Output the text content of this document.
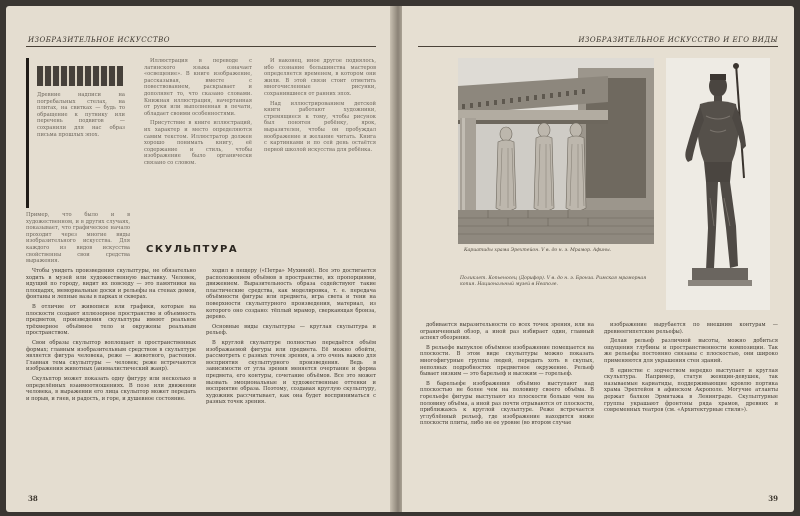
ИЗОБРАЗИТЕЛЬНОЕ ИСКУССТВО
Древние надписи на погребальных стелах, на плитах, на свитках — будь то обращение к путнику или перечень подвигов — сохранили для нас образ письма прошлых эпох.
Пример, что было и в художественном, и в других случаях, показывает, что графическое начало проходит через многие виды изобразительного искусства. Для каждого из видов искусства свойственны свои средства выражения.

Иллюстрация в переводе с латинского языка означает «освещение». В книге изображение, рассказывая, вместе с повествованием, раскрывает и дополняет то, что сказано словами. Книжная иллюстрация, начертанная от руки или выполненная в печати, обладает своими особенностями.

Присутствие в книге иллюстраций, их характер и место определяются самим текстом. Иллюстратор должен хорошо понимать книгу, её содержание и стиль, чтобы изображение было органически связано со словом.

И наконец, иное другое поднялось, ибо сознание большинства мастеров определяется временем, в котором они жили. В этой связи стоит отметить многочисленные рисунки, сохранившиеся от ранних эпох.

Над иллюстрированием детской книги работают художники, стремящиеся к тому, чтобы рисунок был понятен ребёнку, ярок, выразителен, чтобы он пробуждал воображение и желание читать. Книга с картинками и по сей день остаётся первой школой искусства для ребёнка.

СКУЛЬПТУРА

Чтобы увидеть произведения скульптуры, не обязательно ходить в музей или художественную выставку. Человек, идущий по городу, видит их повсюду — это памятники на площадях, мемориальные доски и рельефы на стенах домов, фонтаны и лепные вазы в парках и скверах.

В отличие от живописи или графики, которые на плоскости создают иллюзорное пространство и объемность предметов, произведения скульптуры имеют реальное трёхмерное объёмное тело и окружены реальным пространством.

Свои образы скульптор воплощает в пространственных формах; главным изобразительным средством в скульптуре является фигура человека, реже — животного, растения. Главная тема скульптуры — человек; реже встречаются изображения животных (анималистический жанр).

Скульптор может показать одну фигуру или несколько в определённых взаимоотношениях. В позе или движении человека, в выражении его лица скульптор может передать и порыв, и гнев, и радость, и горе, и душевное состояние.

ходил в пещеру («Петра» Мухиной). Все это достигается расположением объёмов в пространстве, их пропорциями, движением. Выразительность образа содействуют такие пластические средства, как моделировка, т. е. передача объёмности фигуры или предмета, игра света и тени на поверхности скульптурного произведения, материал, из которого оно создано: тёплый мрамор, сверкающая бронза, дерево.

Основные виды скульптуры — круглая скульптура и рельеф.

В круглой скульптуре полностью передаётся объём изображаемой фигуры или предмета. Её можно обойти, рассмотреть с разных точек зрения, а это очень важно для восприятия скульптурного произведения. Ведь в зависимости от угла зрения меняется очертание и форма предмета, его контуры, сочетание объёмов. Все это может вызвать эмоциональные и художественные оттенки и восприятие образа. Поэтому, создавая круглую скульптуру, художник рассчитывает, как она будет восприниматься с разных точек зрения.

38
ИЗОБРАЗИТЕЛЬНОЕ ИСКУССТВО И ЕГО ВИДЫ
Кариатиды храма Эрехтейон. V в. до н. э. Мрамор. Афины.
Поликлет. Копьеносец (Дорифор). V в. до н. э. Бронза. Римская мраморная копия. Национальный музей в Неаполе.

добивается выразительности со всех точек зрения, или на ограниченный обзор, а иной раз избирает один, главный аспект обозрения.

В рельефе выпуклое объёмное изображение помещается на плоскости. В этом виде скульптуры можно показать многофигурные группы людей, передать хоть в скупых, неполных подробностях предметное окружение. Рельеф бывает низким — это барельеф и высоким — горельеф.

В барельефе изображения объёмно выступают над плоскостью не более чем на половину своего объёма. В горельефе фигуры выступают из плоскости больше чем на половину объёма, а иной раз почти отрываются от плоскости, приближаясь к круглой скульптуре. Реже встречается углублённый рельеф, где изображение находится ниже плоскости плиты, либо не ее уровне (во втором случае

изображение вырубается по внешним контурам — древнеегипетские рельефы).

Делая рельеф различной высоты, можно добиться ощущения глубины и пространственности композиции. Так же рельефы постоянно связаны с плоскостью, они широко применяются для украшения стен зданий.

В единстве с зодчеством нередко выступает и круглая скульптура. Например, статуи женщин-девушек, так называемые кариатиды, поддерживающие кровлю портика храма Эрехтейон в афинском Акрополе. Могучие атланты держат балкон Эрмитажа в Ленинграде. Скульптурные группы украшают фронтоны ряда храмов, древних и современных театров (см. «Архитектурные стили»).

39
